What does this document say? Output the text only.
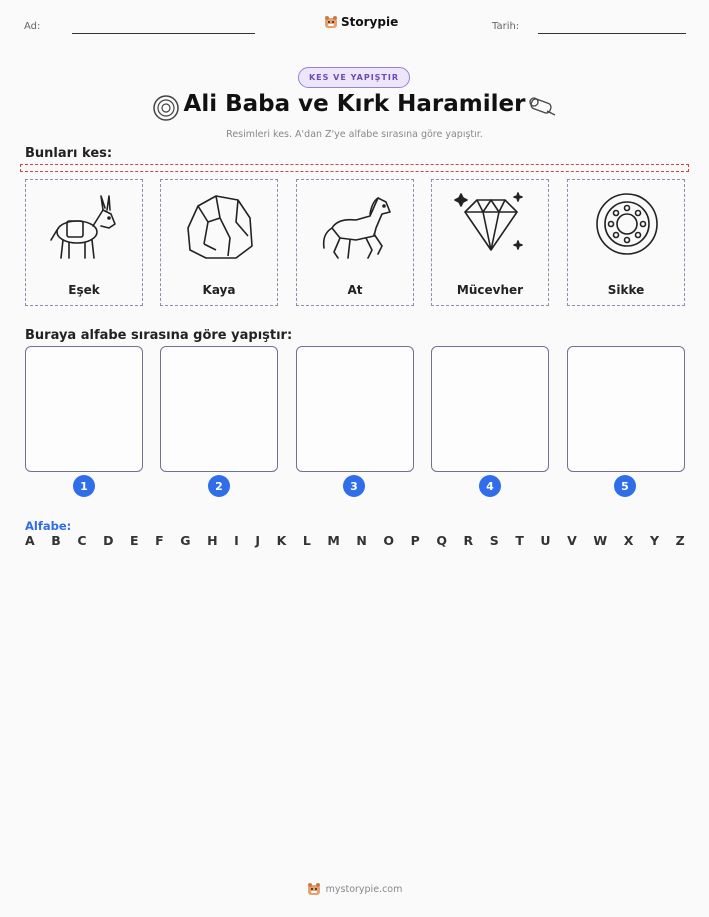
Ad:	Storypie	Tarih:
KES VE YAPIŞTIR
Ali Baba ve Kırk Haramiler
Resimleri kes. A'dan Z'ye alfabe sırasına göre yapıştır.
Bunları kes:
Eşek	Kaya	At	Mücevher	Sikke
Buraya alfabe sırasına göre yapıştır:
1	2	3	4	5
Alfabe:
A B C D E F G H I J K L M N O P Q R S T U V W X Y Z
mystorypie.com
